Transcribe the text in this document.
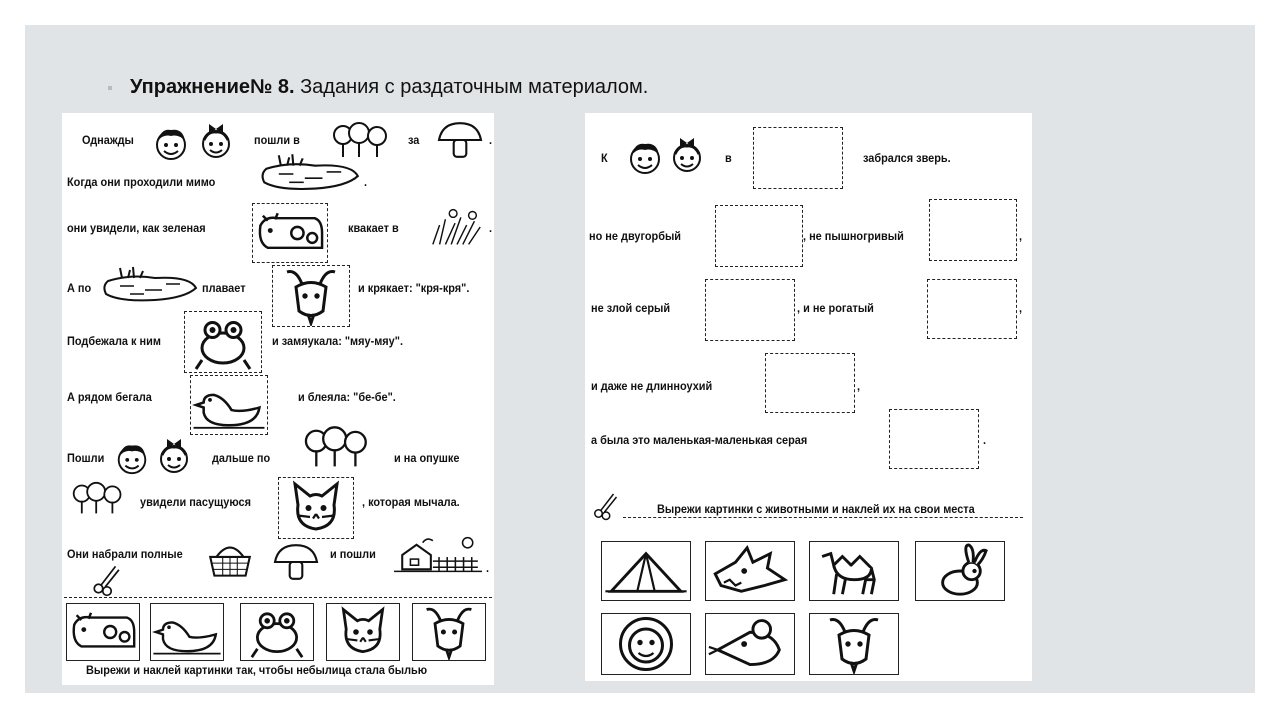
Упражнение№ 8. Задания с раздаточным материалом.
Однажды	пошли в	за	.
Когда они проходили мимо	.
они увидели, как зеленая	квакает в	.
А по	плавает	и крякает: "кря-кря".
Подбежала к ним	и замяукала: "мяу-мяу".
А рядом бегала	и блеяла: "бе-бе".
Пошли	дальше по	и на опушке
увидели пасущуюся	, которая мычала.
Они набрали полные	и пошли
.
Вырежи и наклей картинки так, чтобы небылица стала былью
К	в	забрался зверь.
но не двугорбый	, не пышногривый	,
не злой серый	, и не рогатый	,
и даже не длинноухий	,
а была это маленькая-маленькая серая	.
Вырежи картинки с животными и наклей их на свои места
